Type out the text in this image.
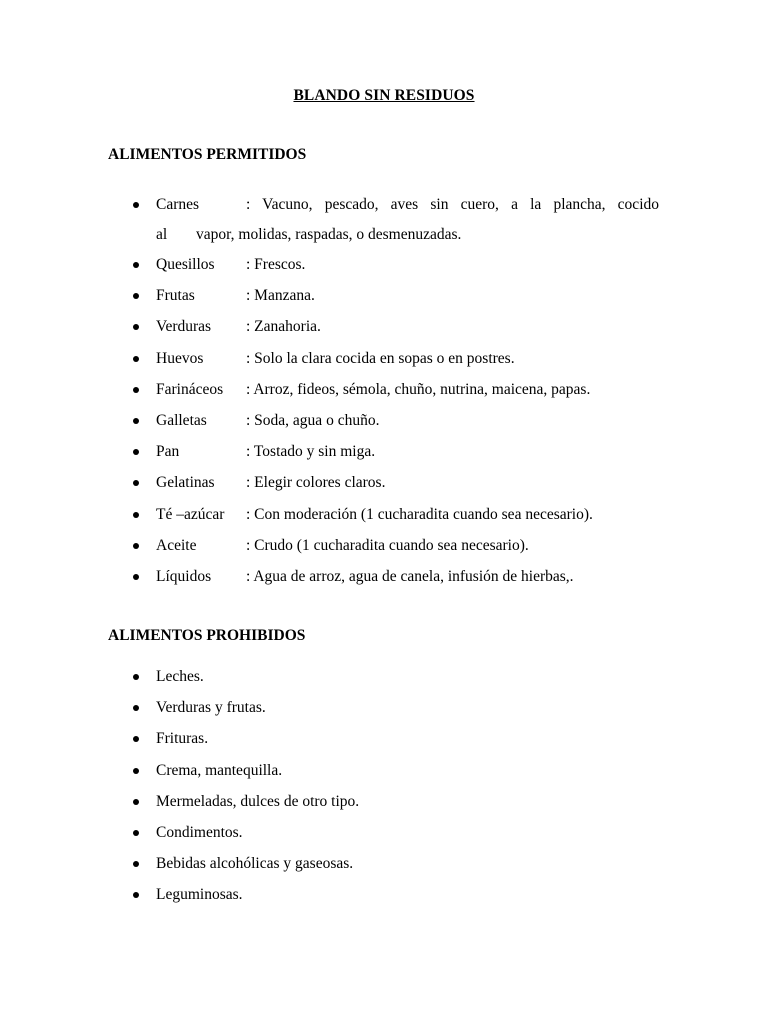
BLANDO SIN RESIDUOS
ALIMENTOS PERMITIDOS
Carnes	: Vacuno, pescado, aves sin cuero, a la plancha, cocido
al vapor, molidas, raspadas, o desmenuzadas.
Quesillos : Frescos.
Frutas	: Manzana.
Verduras : Zanahoria.
Huevos	: Solo la clara cocida en sopas o en postres.
Farináceos : Arroz, fideos, sémola, chuño, nutrina, maicena, papas.
Galletas	: Soda, agua o chuño.
Pan	: Tostado y sin miga.
Gelatinas : Elegir colores claros.
Té –azúcar : Con moderación (1 cucharadita cuando sea necesario).
Aceite	: Crudo (1 cucharadita cuando sea necesario).
Líquidos : Agua de arroz, agua de canela, infusión de hierbas,.
ALIMENTOS PROHIBIDOS
Leches.
Verduras y frutas.
Frituras.
Crema, mantequilla.
Mermeladas, dulces de otro tipo.
Condimentos.
Bebidas alcohólicas y gaseosas.
Leguminosas.
